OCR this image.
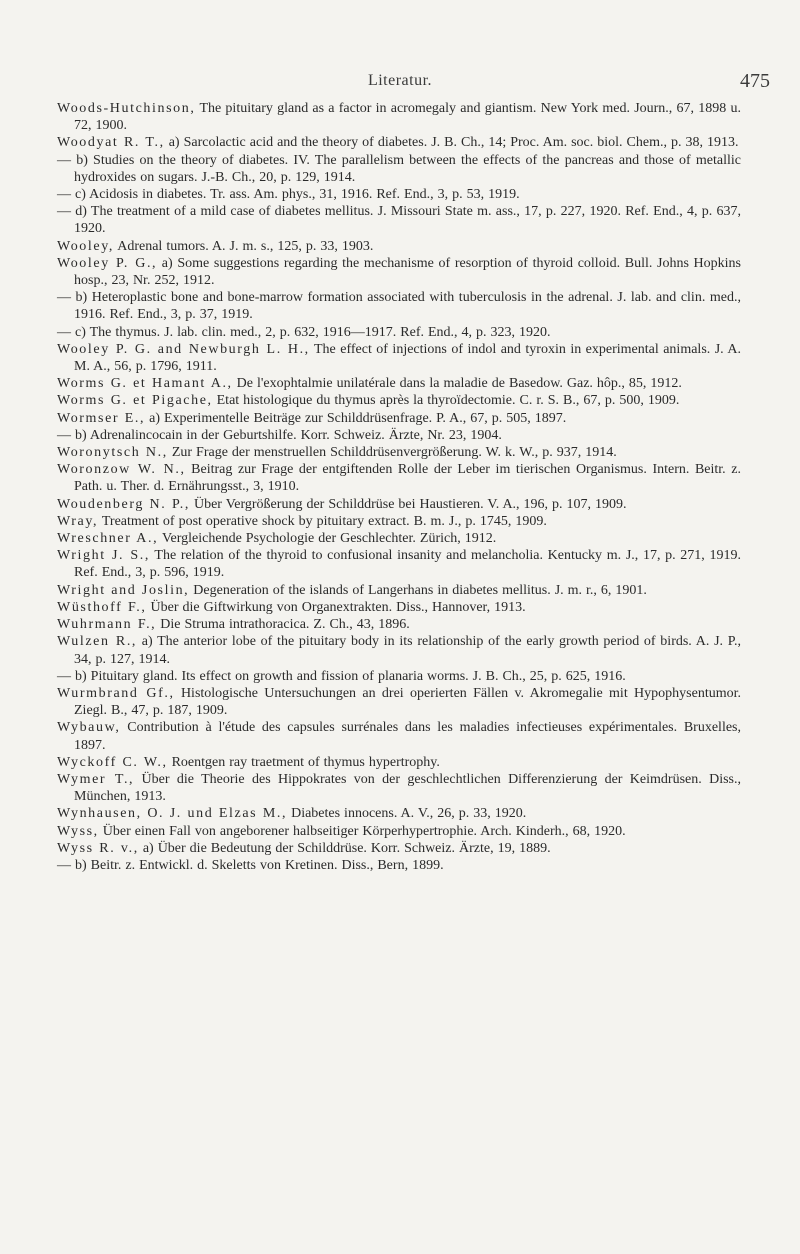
Literatur.	475
Woods-Hutchinson, The pituitary gland as a factor in acromegaly and giantism. New York med. Journ., 67, 1898 u. 72, 1900.
Woodyat R. T., a) Sarcolactic acid and the theory of diabetes. J. B. Ch., 14; Proc. Am. soc. biol. Chem., p. 38, 1913.
— b) Studies on the theory of diabetes. IV. The parallelism between the effects of the pancreas and those of metallic hydroxides on sugars. J.-B. Ch., 20, p. 129, 1914.
— c) Acidosis in diabetes. Tr. ass. Am. phys., 31, 1916. Ref. End., 3, p. 53, 1919.
— d) The treatment of a mild case of diabetes mellitus. J. Missouri State m. ass., 17, p. 227, 1920. Ref. End., 4, p. 637, 1920.
Wooley, Adrenal tumors. A. J. m. s., 125, p. 33, 1903.
Wooley P. G., a) Some suggestions regarding the mechanisme of resorption of thyroid colloid. Bull. Johns Hopkins hosp., 23, Nr. 252, 1912.
— b) Heteroplastic bone and bone-marrow formation associated with tuberculosis in the adrenal. J. lab. and clin. med., 1916. Ref. End., 3, p. 37, 1919.
— c) The thymus. J. lab. clin. med., 2, p. 632, 1916—1917. Ref. End., 4, p. 323, 1920.
Wooley P. G. and Newburgh L. H., The effect of injections of indol and tyroxin in experimental animals. J. A. M. A., 56, p. 1796, 1911.
Worms G. et Hamant A., De l'exophtalmie unilatérale dans la maladie de Basedow. Gaz. hôp., 85, 1912.
Worms G. et Pigache, Etat histologique du thymus après la thyroïdectomie. C. r. S. B., 67, p. 500, 1909.
Wormser E., a) Experimentelle Beiträge zur Schilddrüsenfrage. P. A., 67, p. 505, 1897.
— b) Adrenalincocain in der Geburtshilfe. Korr. Schweiz. Ärzte, Nr. 23, 1904.
Woronytsch N., Zur Frage der menstruellen Schilddrüsenvergrößerung. W. k. W., p. 937, 1914.
Woronzow W. N., Beitrag zur Frage der entgiftenden Rolle der Leber im tierischen Organismus. Intern. Beitr. z. Path. u. Ther. d. Ernährungsst., 3, 1910.
Woudenberg N. P., Über Vergrößerung der Schilddrüse bei Haustieren. V. A., 196, p. 107, 1909.
Wray, Treatment of post operative shock by pituitary extract. B. m. J., p. 1745, 1909.
Wreschner A., Vergleichende Psychologie der Geschlechter. Zürich, 1912.
Wright J. S., The relation of the thyroid to confusional insanity and melancholia. Kentucky m. J., 17, p. 271, 1919. Ref. End., 3, p. 596, 1919.
Wright and Joslin, Degeneration of the islands of Langerhans in diabetes mellitus. J. m. r., 6, 1901.
Wüsthoff F., Über die Giftwirkung von Organextrakten. Diss., Hannover, 1913.
Wuhrmann F., Die Struma intrathoracica. Z. Ch., 43, 1896.
Wulzen R., a) The anterior lobe of the pituitary body in its relationship of the early growth period of birds. A. J. P., 34, p. 127, 1914.
— b) Pituitary gland. Its effect on growth and fission of planaria worms. J. B. Ch., 25, p. 625, 1916.
Wurmbrand Gf., Histologische Untersuchungen an drei operierten Fällen v. Akromegalie mit Hypophysentumor. Ziegl. B., 47, p. 187, 1909.
Wybauw, Contribution à l'étude des capsules surrénales dans les maladies infectieuses expérimentales. Bruxelles, 1897.
Wyckoff C. W., Roentgen ray traetment of thymus hypertrophy.
Wymer T., Über die Theorie des Hippokrates von der geschlechtlichen Differenzierung der Keimdrüsen. Diss., München, 1913.
Wynhausen, O. J. und Elzas M., Diabetes innocens. A. V., 26, p. 33, 1920.
Wyss, Über einen Fall von angeborener halbseitiger Körperhypertrophie. Arch. Kinderh., 68, 1920.
Wyss R. v., a) Über die Bedeutung der Schilddrüse. Korr. Schweiz. Ärzte, 19, 1889.
— b) Beitr. z. Entwickl. d. Skeletts von Kretinen. Diss., Bern, 1899.
